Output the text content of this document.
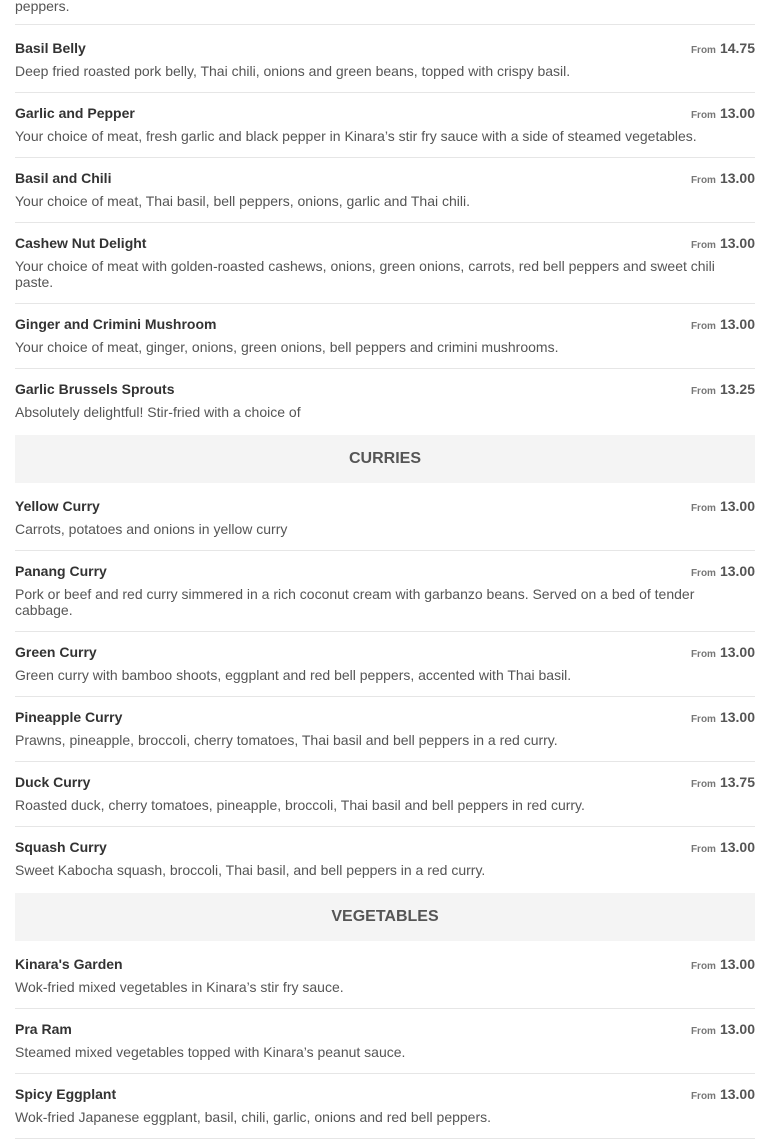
peppers.
Basil Belly	From 14.75
Deep fried roasted pork belly, Thai chili, onions and green beans, topped with crispy basil.
Garlic and Pepper	From 13.00
Your choice of meat, fresh garlic and black pepper in Kinara’s stir fry sauce with a side of steamed vegetables.
Basil and Chili	From 13.00
Your choice of meat, Thai basil, bell peppers, onions, garlic and Thai chili.
Cashew Nut Delight	From 13.00
Your choice of meat with golden-roasted cashews, onions, green onions, carrots, red bell peppers and sweet chili paste.
Ginger and Crimini Mushroom	From 13.00
Your choice of meat, ginger, onions, green onions, bell peppers and crimini mushrooms.
Garlic Brussels Sprouts	From 13.25
Absolutely delightful! Stir-fried with a choice of
CURRIES
Yellow Curry	From 13.00
Carrots, potatoes and onions in yellow curry
Panang Curry	From 13.00
Pork or beef and red curry simmered in a rich coconut cream with garbanzo beans. Served on a bed of tender cabbage.
Green Curry	From 13.00
Green curry with bamboo shoots, eggplant and red bell peppers, accented with Thai basil.
Pineapple Curry	From 13.00
Prawns, pineapple, broccoli, cherry tomatoes, Thai basil and bell peppers in a red curry.
Duck Curry	From 13.75
Roasted duck, cherry tomatoes, pineapple, broccoli, Thai basil and bell peppers in red curry.
Squash Curry	From 13.00
Sweet Kabocha squash, broccoli, Thai basil, and bell peppers in a red curry.
VEGETABLES
Kinara's Garden	From 13.00
Wok-fried mixed vegetables in Kinara’s stir fry sauce.
Pra Ram	From 13.00
Steamed mixed vegetables topped with Kinara’s peanut sauce.
Spicy Eggplant	From 13.00
Wok-fried Japanese eggplant, basil, chili, garlic, onions and red bell peppers.
